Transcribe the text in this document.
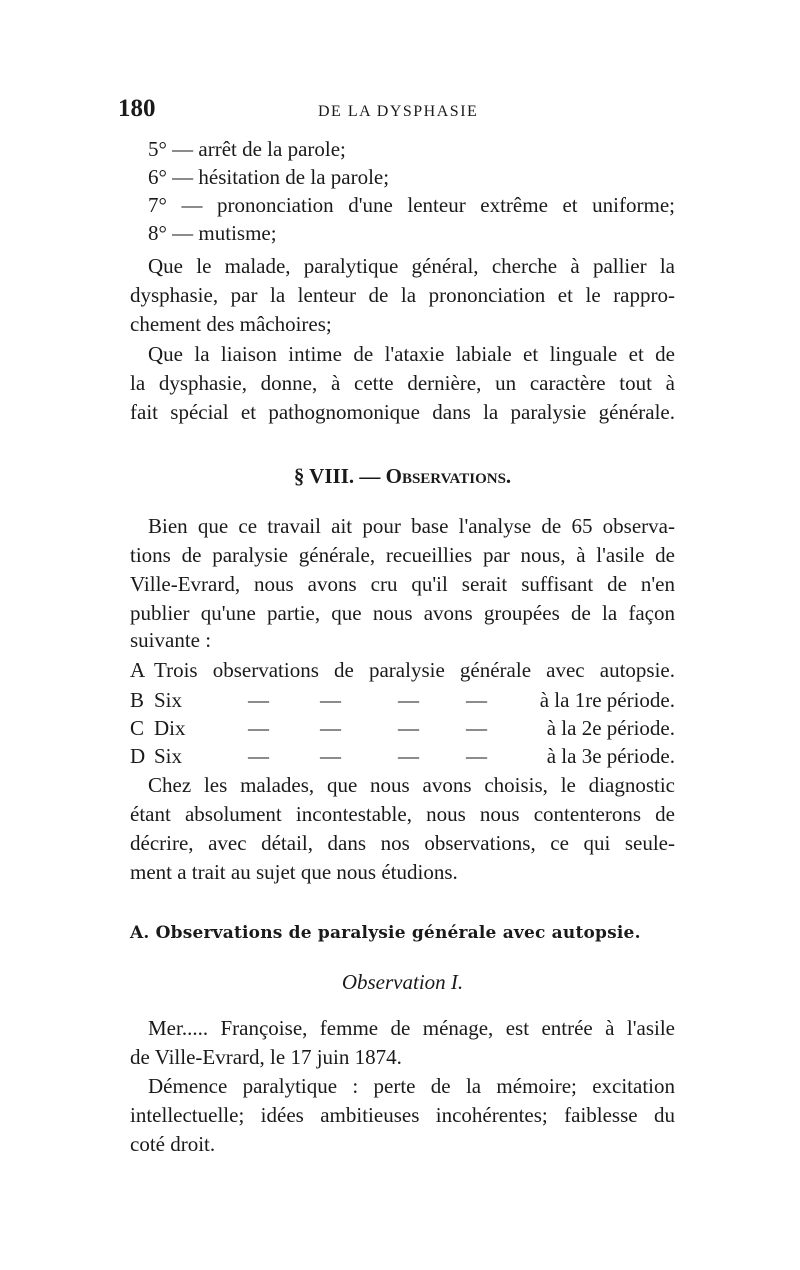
180	DE LA DYSPHASIE
5° — arrêt de la parole;
6° — hésitation de la parole;
7° — prononciation d'une lenteur extrême et uniforme;
8° — mutisme;
Que le malade, paralytique général, cherche à pallier la
dysphasie, par la lenteur de la prononciation et le rappro-
chement des mâchoires;
Que la liaison intime de l'ataxie labiale et linguale et de
la dysphasie, donne, à cette dernière, un caractère tout à
fait spécial et pathognomonique dans la paralysie générale.
§ VIII. — Observations.
Bien que ce travail ait pour base l'analyse de 65 observa-
tions de paralysie générale, recueillies par nous, à l'asile de
Ville-Evrard, nous avons cru qu'il serait suffisant de n'en
publier qu'une partie, que nous avons groupées de la façon
suivante :
A Trois observations de paralysie générale avec autopsie.
B Six	— —	— —	à la 1re période.
C Dix	— —	— —	à la 2e période.
D Six	— —	— —	à la 3e période.
Chez les malades, que nous avons choisis, le diagnostic
étant absolument incontestable, nous nous contenterons de
décrire, avec détail, dans nos observations, ce qui seule-
ment a trait au sujet que nous étudions.
A. Observations de paralysie générale avec autopsie.
Observation I.
Mer..... Françoise, femme de ménage, est entrée à l'asile
de Ville-Evrard, le 17 juin 1874.
Démence paralytique : perte de la mémoire; excitation
intellectuelle; idées ambitieuses incohérentes; faiblesse du
coté droit.
